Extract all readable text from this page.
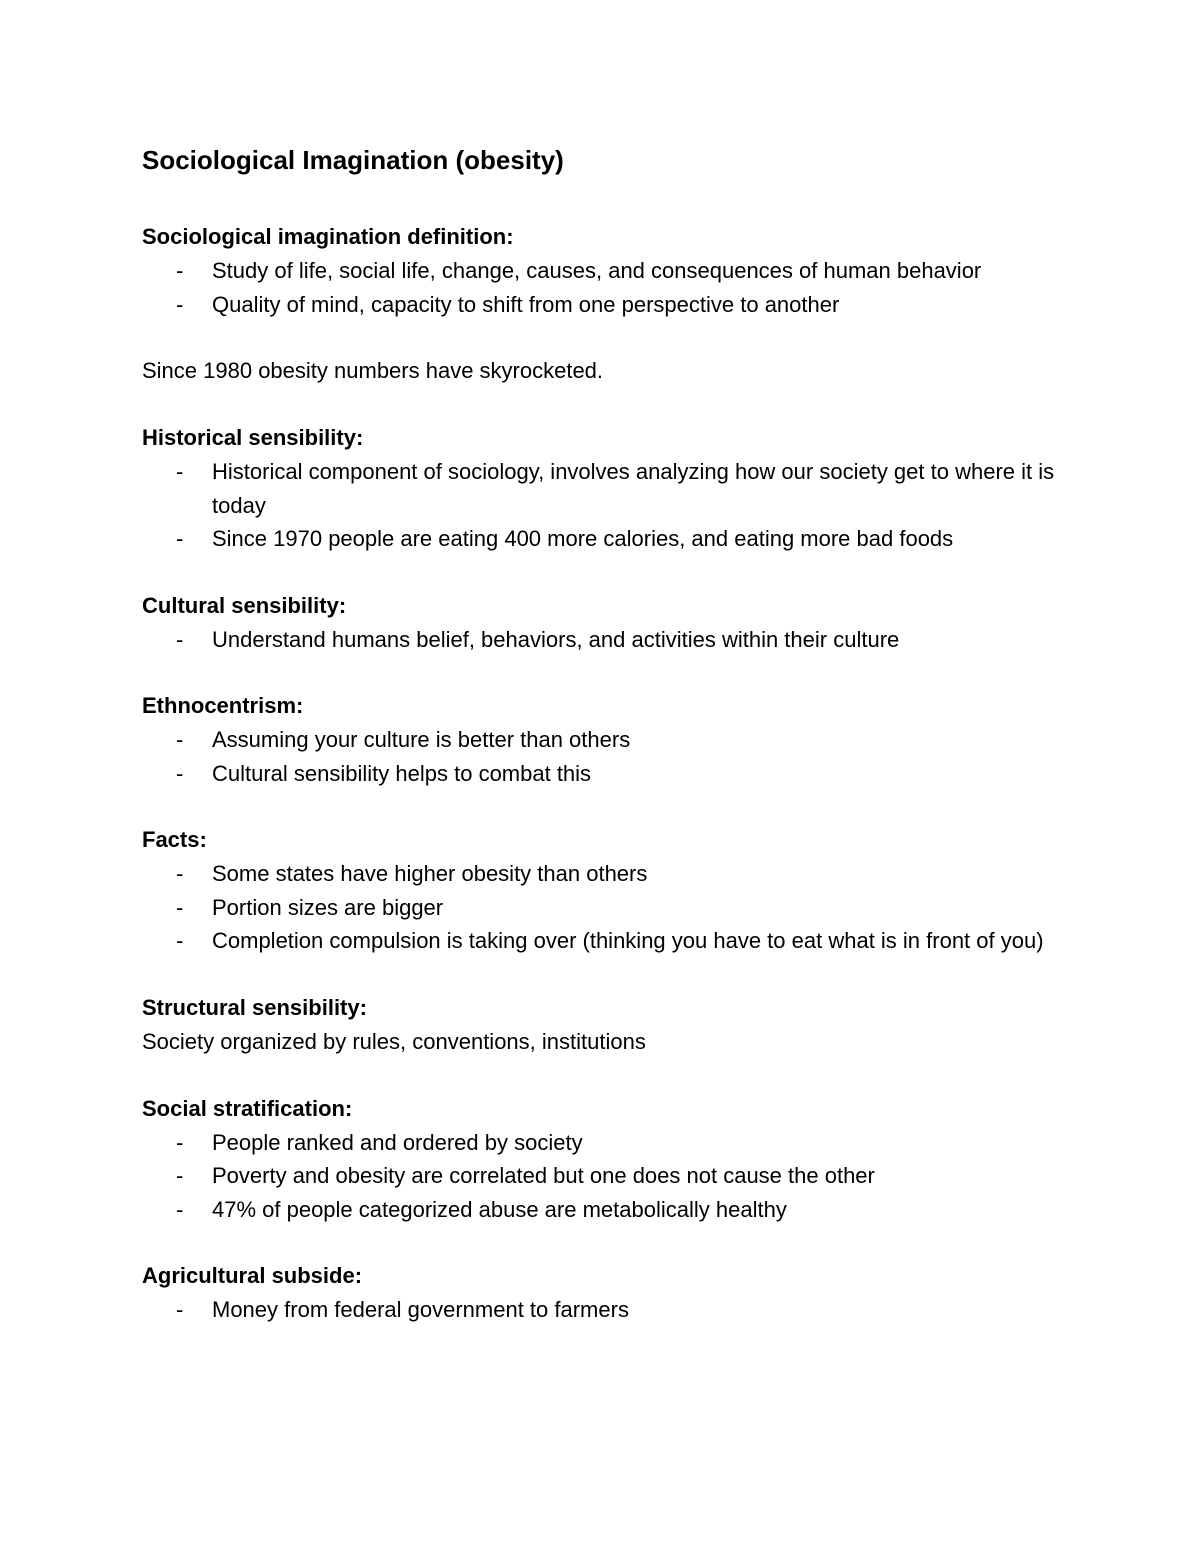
Sociological Imagination (obesity)
Sociological imagination definition:
- Study of life, social life, change, causes, and consequences of human behavior
- Quality of mind, capacity to shift from one perspective to another
Since 1980 obesity numbers have skyrocketed.
Historical sensibility:
- Historical component of sociology, involves analyzing how our society get to where it is today
- Since 1970 people are eating 400 more calories, and eating more bad foods
Cultural sensibility:
- Understand humans belief, behaviors, and activities within their culture
Ethnocentrism:
- Assuming your culture is better than others
- Cultural sensibility helps to combat this
Facts:
- Some states have higher obesity than others
- Portion sizes are bigger
- Completion compulsion is taking over (thinking you have to eat what is in front of you)
Structural sensibility:
Society organized by rules, conventions, institutions
Social stratification:
- People ranked and ordered by society
- Poverty and obesity are correlated but one does not cause the other
- 47% of people categorized abuse are metabolically healthy
Agricultural subside:
- Money from federal government to farmers
